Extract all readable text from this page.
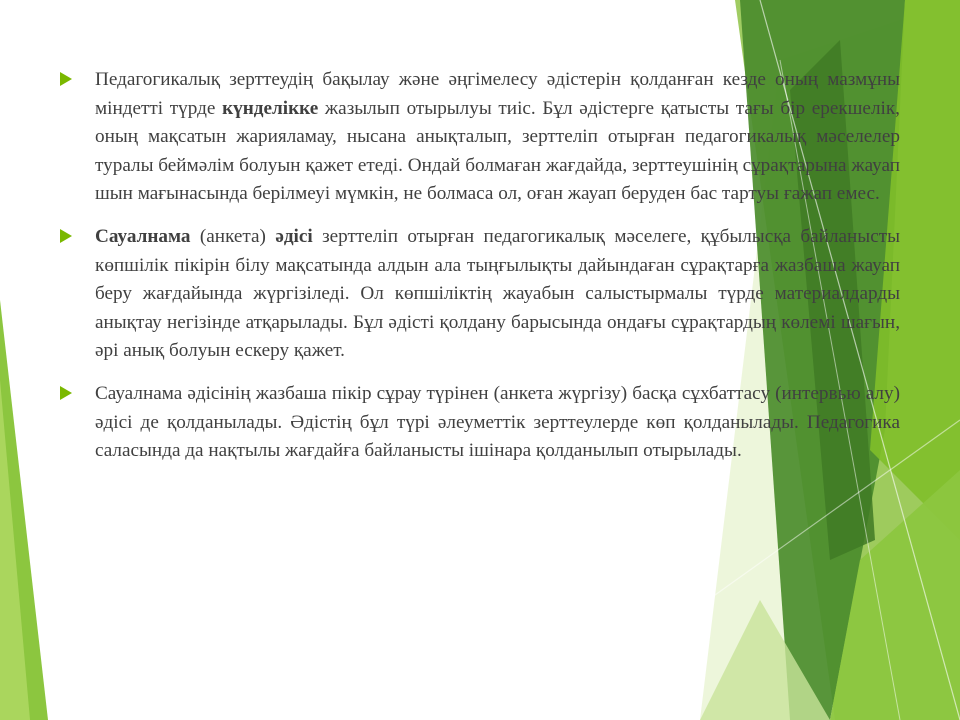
Педагогикалық зерттеудің бақылау және әңгімелесу әдістерін қолданған кезде оның мазмұны міндетті түрде күнделікке жазылып отырылуы тиіс. Бұл әдістерге қатысты тағы бір ерекшелік, оның мақсатын жарияламау, нысана анықталып, зерттеліп отырған педагогикалық мәселелер туралы беймәлім болуын қажет етеді. Ондай болмаған жағдайда, зерттеушінің сұрақтарына жауап шын мағынасында берілмеуі мүмкін, не болмаса ол, оған жауап беруден бас тартуы ғажап емес.
Сауалнама (анкета) әдісі зерттеліп отырған педагогикалық мәселеге, құбылысқа байланысты көпшілік пікірін білу мақсатында алдын ала тыңғылықты дайындаған сұрақтарға жазбаша жауап беру жағдайында жүргізіледі. Ол көпшіліктің жауабын салыстырмалы түрде материалдарды анықтау негізінде атқарылады. Бұл әдісті қолдану барысында ондағы сұрақтардың көлемі шағын, әрі анық болуын ескеру қажет.
Сауалнама әдісінің жазбаша пікір сұрау түрінен (анкета жүргізу) басқа сұхбаттасу (интервью алу) әдісі де қолданылады. Әдістің бұл түрі әлеуметтік зерттеулерде көп қолданылады. Педагогика саласында да нақтылы жағдайға байланысты ішінара қолданылып отырылады.
